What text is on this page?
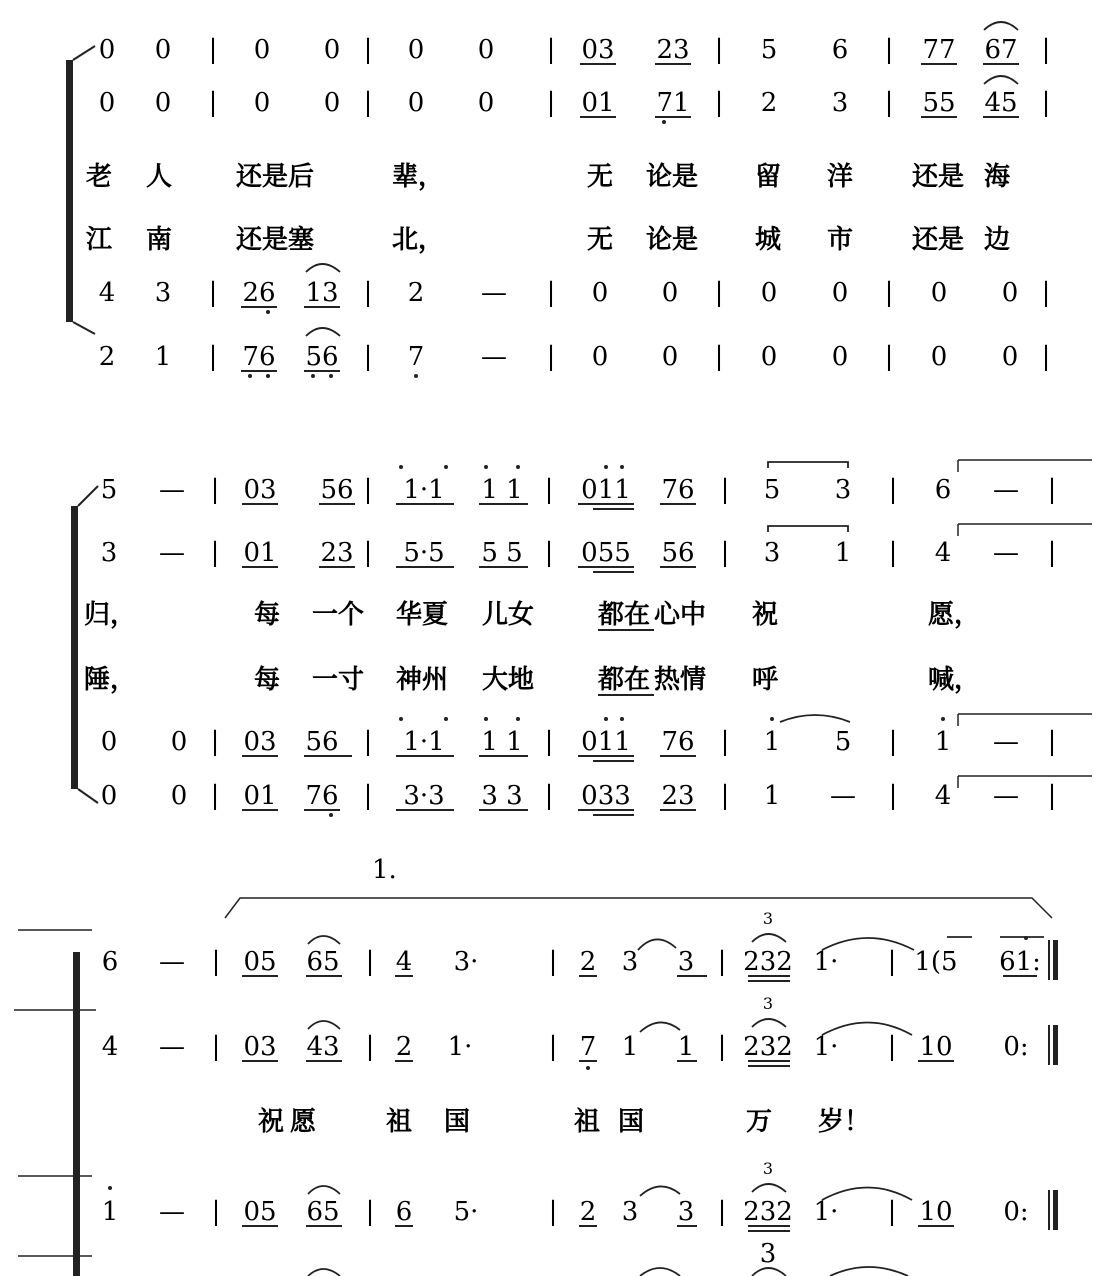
0 0 | 0 0 | 0 0 | 03 23 | 5 6 | 77 67 |
0 0 | 0 0 | 0 0 | 01 71 | 2 3 | 55 45 |
老 人 还是后	辈，	无 论是 留 洋 还是 海
江 南 还是塞	北，	无 论是 城 市 还是 边
4 3 | 26 13 | 2 — | 0 0 | 0 0 | 0 0 |
2 1 | 76 56 | 7 — | 0 0 | 0 0 | 0 0 |
5 — | 03 56 | 1·1 1 1 | 011 76 | 5 3 | 6 — |
3 — | 01 23 | 5·5 5 5 | 055 56 | 3 1 | 4 — |
归，	每 一个 华夏 儿女 都在 心中 祝	愿，
陲，	每 一寸 神州 大地 都在 热情 呼	喊，
0 0 | 03 56 | 1·1 1 1 | 011 76 | 1 5 | 1 — |
0 0 | 01 76 | 3·3 3 3 | 033 23 | 1 — | 4 — |
1.
6 — | 05 65 | 4 3·	| 2 3 3 | 232 1· | 1(5 61:
3
4 — | 03 43 | 2 1·	| 7 1 1 | 232 1· | 10 0:
3
祝愿 祖 国	祖 国	万 岁！
1 — | 05 65 | 6 5·	| 2 3 3 | 232 1· | 10 0:
3
3
